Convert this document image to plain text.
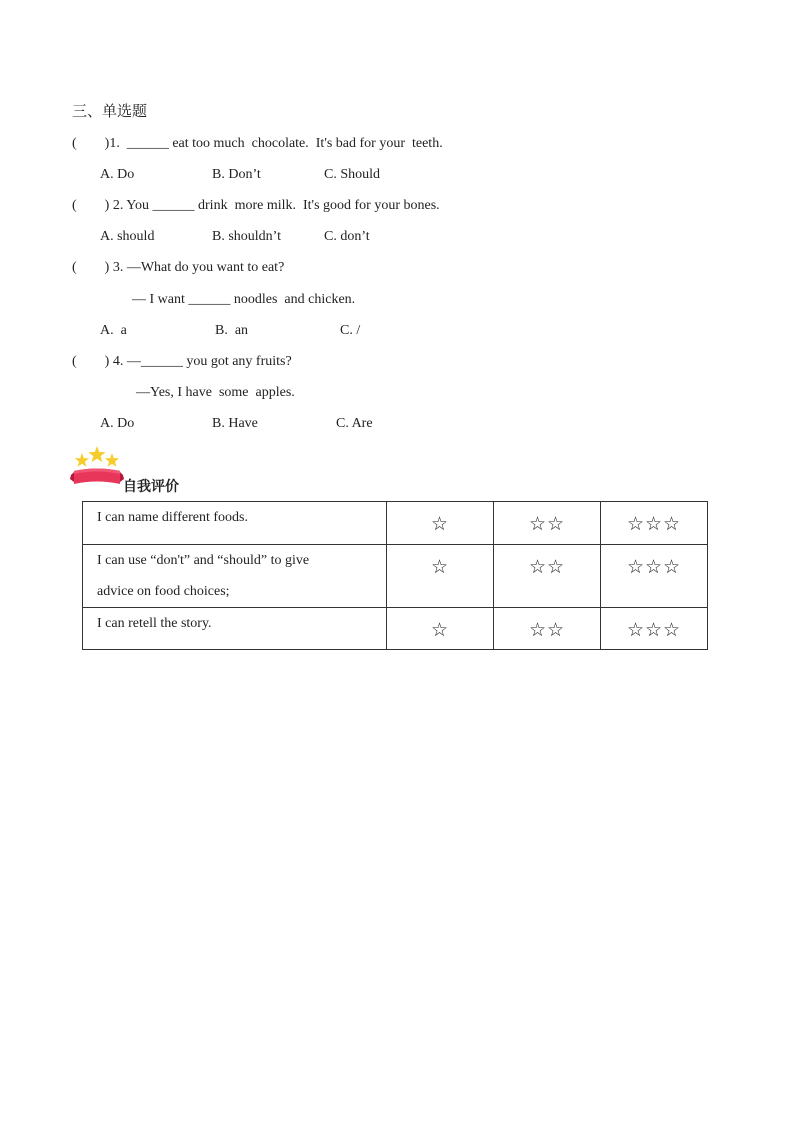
三、单选题
(        )1.  ______ eat too much  chocolate.  It's bad for your  teeth.
A. Do	B. Don’t	C. Should
(        ) 2. You ______ drink  more milk.  It's good for your bones.
A. should	B. shouldn’t	C. don’t
(        ) 3. —What do you want to eat?
— I want ______ noodles  and chicken.
A.  a	B.  an	C. /
(        ) 4. —______ you got any fruits?
—Yes, I have  some  apples.
A. Do	B. Have	C. Are
自我评价
I can name different foods.	☆	☆☆	☆☆☆

I can use “don't” and “should” to give
advice on food choices;	☆	☆☆	☆☆☆
I can retell the story.	☆	☆☆	☆☆☆
